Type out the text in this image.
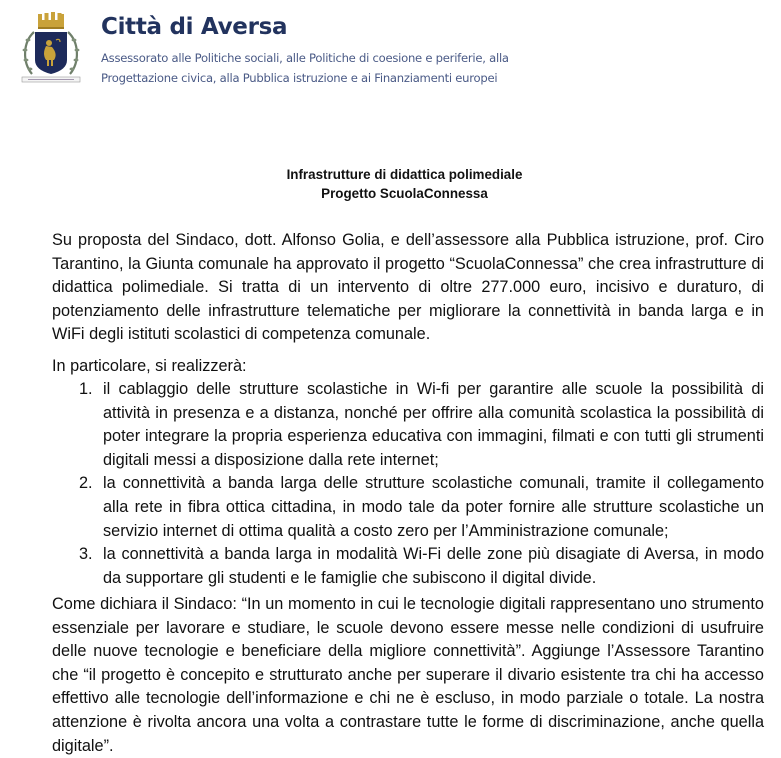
Città di Aversa
Assessorato alle Politiche sociali, alle Politiche di coesione e periferie, alla
Progettazione civica, alla Pubblica istruzione e ai Finanziamenti europei
Infrastrutture di didattica polimediale
Progetto ScuolaConnessa
Su proposta del Sindaco, dott. Alfonso Golia, e dell’assessore alla Pubblica istruzione, prof. Ciro Tarantino, la Giunta comunale ha approvato il progetto “ScuolaConnessa” che crea infrastrutture di didattica polimediale. Si tratta di un intervento di oltre 277.000 euro, incisivo e duraturo, di potenziamento delle infrastrutture telematiche per migliorare la connettività in banda larga e in WiFi degli istituti scolastici di competenza comunale.
In particolare, si realizzerà:
1. il cablaggio delle strutture scolastiche in Wi-fi per garantire alle scuole la possibilità di attività in presenza e a distanza, nonché per offrire alla comunità scolastica la possibilità di poter integrare la propria esperienza educativa con immagini, filmati e con tutti gli strumenti digitali messi a disposizione dalla rete internet;
2. la connettività a banda larga delle strutture scolastiche comunali, tramite il collegamento alla rete in fibra ottica cittadina, in modo tale da poter fornire alle strutture scolastiche un servizio internet di ottima qualità a costo zero per l’Amministrazione comunale;
3. la connettività a banda larga in modalità Wi-Fi delle zone più disagiate di Aversa, in modo da supportare gli studenti e le famiglie che subiscono il digital divide.
Come dichiara il Sindaco: “In un momento in cui le tecnologie digitali rappresentano uno strumento essenziale per lavorare e studiare, le scuole devono essere messe nelle condizioni di usufruire delle nuove tecnologie e beneficiare della migliore connettività”. Aggiunge l’Assessore Tarantino che “il progetto è concepito e strutturato anche per superare il divario esistente tra chi ha accesso effettivo alle tecnologie dell’informazione e chi ne è escluso, in modo parziale o totale. La nostra attenzione è rivolta ancora una volta a contrastare tutte le forme di discriminazione, anche quella digitale”.
